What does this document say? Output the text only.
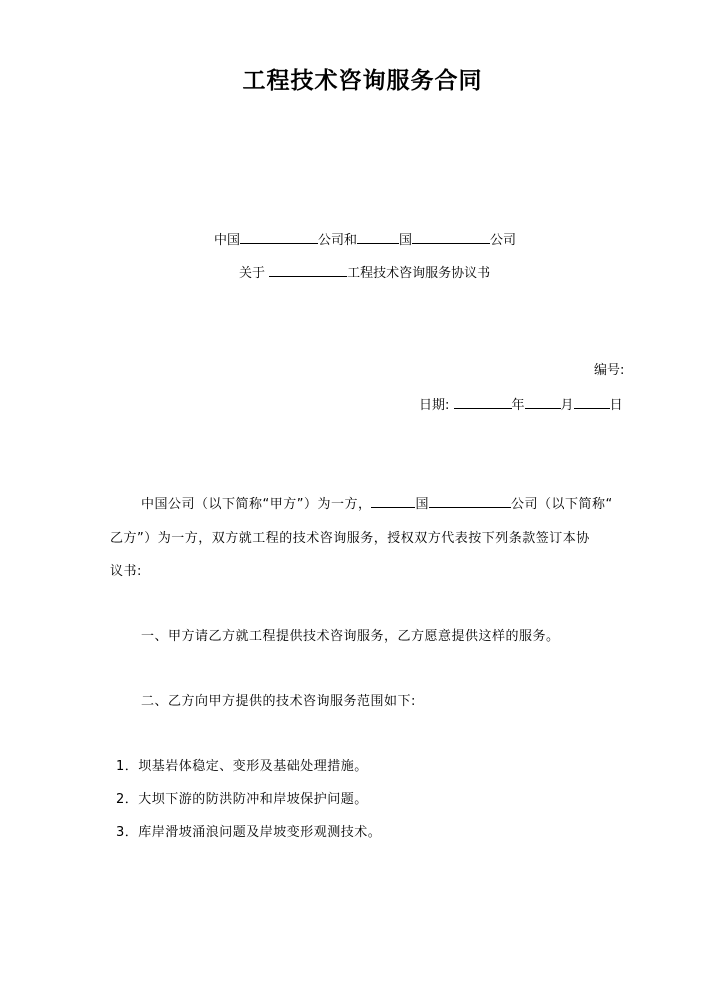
工程技术咨询服务合同
中国	公司和	国	公司
关于	工程技术咨询服务协议书
编号:
日期:	年	月	日
中国公司（以下简称“甲方”）为一方，	国	公司（以下简称“
乙方”）为一方，双方就工程的技术咨询服务，授权双方代表按下列条款签订本协
议书:
一、甲方请乙方就工程提供技术咨询服务，乙方愿意提供这样的服务。
二、乙方向甲方提供的技术咨询服务范围如下:
1．坝基岩体稳定、变形及基础处理措施。
2．大坝下游的防洪防冲和岸坡保护问题。
3．库岸滑坡涌浪问题及岸坡变形观测技术。
